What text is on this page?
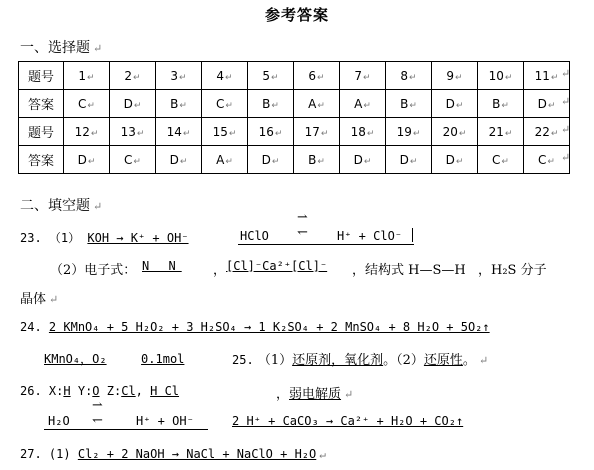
参考答案
一、选择题 ↵
题号	1↵	2↵	3↵	4↵	5↵	6↵	7↵	8↵	9↵	10↵	11↵
答案	C↵	D↵	B↵	C↵	B↵	A↵	A↵	B↵	D↵	B↵	D↵
题号	12↵	13↵	14↵	15↵	16↵	17↵	18↵	19↵	20↵	21↵	22↵
答案	D↵	C↵	D↵	A↵	D↵	B↵	D↵	D↵	D↵	C↵	C↵
↵
↵
↵
↵
二、填空题 ↵
23. （1） KOH → K⁺ + OH⁻	HClO
⇀
↽	H⁺ + ClO⁻
（2）电子式： N N ， [Cl]⁻Ca²⁺[Cl]⁻ ，结构式 H—S—H ，H₂S 分子
晶体 ↵
24. 2 KMnO₄ + 5 H₂O₂ + 3 H₂SO₄ → 1 K₂SO₄ + 2 MnSO₄ + 8 H₂O + 5O₂↑
KMnO₄，O₂	0.1mol	25. （1）还原剂，氧化剂。（2）还原性。 ↵
26. X:H Y:O Z:Cl, H Cl	，弱电解质 ↵
H₂O
⇀
↽	H⁺ + OH⁻	2 H⁺ + CaCO₃ → Ca²⁺ + H₂O + CO₂↑
27. (1) Cl₂ + 2 NaOH → NaCl + NaClO + H₂O ↵
